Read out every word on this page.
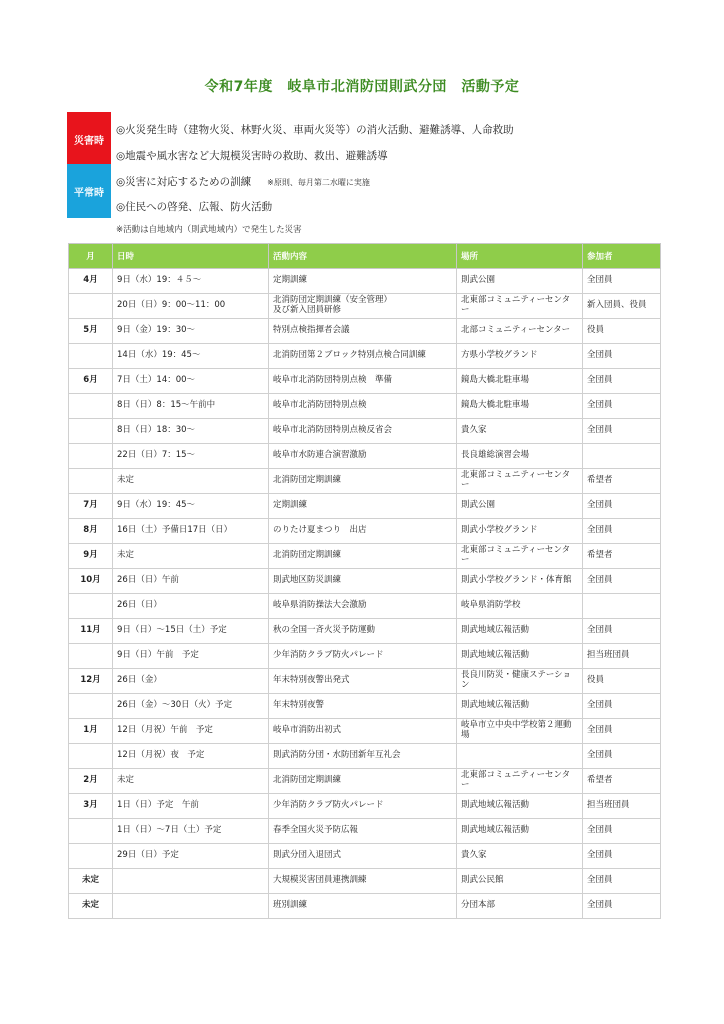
令和7年度　岐阜市北消防団則武分団　活動予定
災害時
平常時
◎火災発生時（建物火災、林野火災、車両火災等）の消火活動、避難誘導、人命救助
◎地震や風水害など大規模災害時の救助、救出、避難誘導
◎災害に対応するための訓練 ※原則、毎月第二水曜に実施
◎住民への啓発、広報、防火活動
※活動は自地域内（則武地域内）で発生した災害
月	日時	活動内容	場所	参加者
4月	9日（水）19：４５～	定期訓練	則武公園	全団員
	20日（日）9：00～11：00	北消防団定期訓練（安全管理）
及び新入団員研修	北東部コミュニティーセンター	新入団員、役員
5月	9日（金）19：30～	特別点検指揮者会議	北部コミュニティーセンター	役員
	14日（水）19：45～	北消防団第２ブロック特別点検合同訓練	方県小学校グランド	全団員
6月	7日（土）14：00～	岐阜市北消防団特別点検　準備	鏡島大橋北駐車場	全団員
	8日（日）8：15～午前中	岐阜市北消防団特別点検	鏡島大橋北駐車場	全団員
	8日（日）18：30～	岐阜市北消防団特別点検反省会	貴久家	全団員
	22日（日）7：15～	岐阜市水防連合演習激励	長良雄総演習会場	
	未定	北消防団定期訓練	北東部コミュニティーセンター	希望者
7月	9日（水）19：45～	定期訓練	則武公園	全団員
8月	16日（土）予備日17日（日）	のりたけ夏まつり　出店	則武小学校グランド	全団員
9月	未定	北消防団定期訓練	北東部コミュニティーセンター	希望者
10月	26日（日）午前	則武地区防災訓練	則武小学校グランド・体育館	全団員
	26日（日）	岐阜県消防操法大会激励	岐阜県消防学校	
11月	9日（日）～15日（土）予定	秋の全国一斉火災予防運動	則武地域広報活動	全団員
	9日（日）午前　予定	少年消防クラブ防火パレード	則武地域広報活動	担当班団員
12月	26日（金）	年末特別夜警出発式	長良川防災・健康ステーション	役員
	26日（金）～30日（火）予定	年末特別夜警	則武地域広報活動	全団員
1月	12日（月祝）午前　予定	岐阜市消防出初式	岐阜市立中央中学校第２運動場	全団員
	12日（月祝）夜　予定	則武消防分団・水防団新年互礼会		全団員
2月	未定	北消防団定期訓練	北東部コミュニティーセンター	希望者
3月	1日（日）予定　午前	少年消防クラブ防火パレード	則武地域広報活動	担当班団員
	1日（日）～7日（土）予定	春季全国火災予防広報	則武地域広報活動	全団員
	29日（日）予定	則武分団入退団式	貴久家	全団員
未定		大規模災害団員連携訓練	則武公民館	全団員
未定		班別訓練	分団本部	全団員
